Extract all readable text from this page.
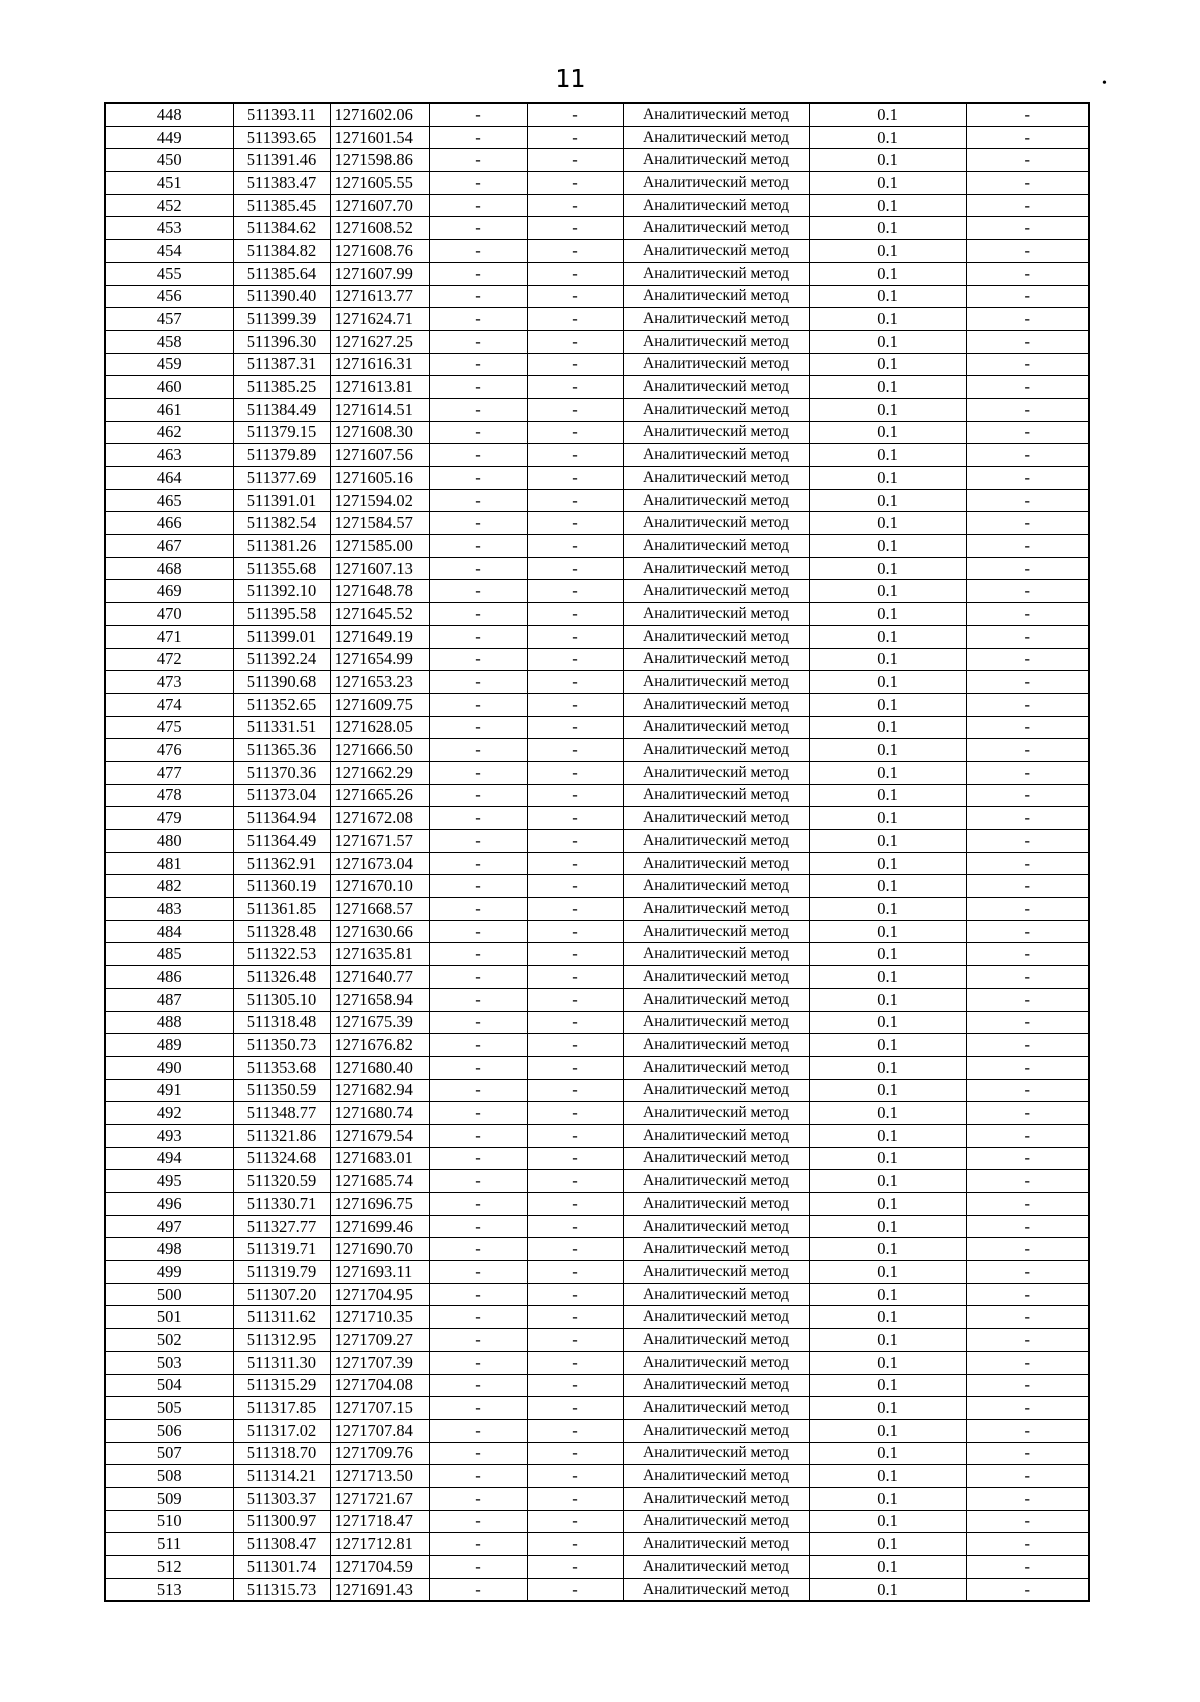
11	•
448	511393.11	1271602.06	-	-	Аналитический метод	0.1	-
449	511393.65	1271601.54	-	-	Аналитический метод	0.1	-
450	511391.46	1271598.86	-	-	Аналитический метод	0.1	-
451	511383.47	1271605.55	-	-	Аналитический метод	0.1	-
452	511385.45	1271607.70	-	-	Аналитический метод	0.1	-
453	511384.62	1271608.52	-	-	Аналитический метод	0.1	-
454	511384.82	1271608.76	-	-	Аналитический метод	0.1	-
455	511385.64	1271607.99	-	-	Аналитический метод	0.1	-
456	511390.40	1271613.77	-	-	Аналитический метод	0.1	-
457	511399.39	1271624.71	-	-	Аналитический метод	0.1	-
458	511396.30	1271627.25	-	-	Аналитический метод	0.1	-
459	511387.31	1271616.31	-	-	Аналитический метод	0.1	-
460	511385.25	1271613.81	-	-	Аналитический метод	0.1	-
461	511384.49	1271614.51	-	-	Аналитический метод	0.1	-
462	511379.15	1271608.30	-	-	Аналитический метод	0.1	-
463	511379.89	1271607.56	-	-	Аналитический метод	0.1	-
464	511377.69	1271605.16	-	-	Аналитический метод	0.1	-
465	511391.01	1271594.02	-	-	Аналитический метод	0.1	-
466	511382.54	1271584.57	-	-	Аналитический метод	0.1	-
467	511381.26	1271585.00	-	-	Аналитический метод	0.1	-
468	511355.68	1271607.13	-	-	Аналитический метод	0.1	-
469	511392.10	1271648.78	-	-	Аналитический метод	0.1	-
470	511395.58	1271645.52	-	-	Аналитический метод	0.1	-
471	511399.01	1271649.19	-	-	Аналитический метод	0.1	-
472	511392.24	1271654.99	-	-	Аналитический метод	0.1	-
473	511390.68	1271653.23	-	-	Аналитический метод	0.1	-
474	511352.65	1271609.75	-	-	Аналитический метод	0.1	-
475	511331.51	1271628.05	-	-	Аналитический метод	0.1	-
476	511365.36	1271666.50	-	-	Аналитический метод	0.1	-
477	511370.36	1271662.29	-	-	Аналитический метод	0.1	-
478	511373.04	1271665.26	-	-	Аналитический метод	0.1	-
479	511364.94	1271672.08	-	-	Аналитический метод	0.1	-
480	511364.49	1271671.57	-	-	Аналитический метод	0.1	-
481	511362.91	1271673.04	-	-	Аналитический метод	0.1	-
482	511360.19	1271670.10	-	-	Аналитический метод	0.1	-
483	511361.85	1271668.57	-	-	Аналитический метод	0.1	-
484	511328.48	1271630.66	-	-	Аналитический метод	0.1	-
485	511322.53	1271635.81	-	-	Аналитический метод	0.1	-
486	511326.48	1271640.77	-	-	Аналитический метод	0.1	-
487	511305.10	1271658.94	-	-	Аналитический метод	0.1	-
488	511318.48	1271675.39	-	-	Аналитический метод	0.1	-
489	511350.73	1271676.82	-	-	Аналитический метод	0.1	-
490	511353.68	1271680.40	-	-	Аналитический метод	0.1	-
491	511350.59	1271682.94	-	-	Аналитический метод	0.1	-
492	511348.77	1271680.74	-	-	Аналитический метод	0.1	-
493	511321.86	1271679.54	-	-	Аналитический метод	0.1	-
494	511324.68	1271683.01	-	-	Аналитический метод	0.1	-
495	511320.59	1271685.74	-	-	Аналитический метод	0.1	-
496	511330.71	1271696.75	-	-	Аналитический метод	0.1	-
497	511327.77	1271699.46	-	-	Аналитический метод	0.1	-
498	511319.71	1271690.70	-	-	Аналитический метод	0.1	-
499	511319.79	1271693.11	-	-	Аналитический метод	0.1	-
500	511307.20	1271704.95	-	-	Аналитический метод	0.1	-
501	511311.62	1271710.35	-	-	Аналитический метод	0.1	-
502	511312.95	1271709.27	-	-	Аналитический метод	0.1	-
503	511311.30	1271707.39	-	-	Аналитический метод	0.1	-
504	511315.29	1271704.08	-	-	Аналитический метод	0.1	-
505	511317.85	1271707.15	-	-	Аналитический метод	0.1	-
506	511317.02	1271707.84	-	-	Аналитический метод	0.1	-
507	511318.70	1271709.76	-	-	Аналитический метод	0.1	-
508	511314.21	1271713.50	-	-	Аналитический метод	0.1	-
509	511303.37	1271721.67	-	-	Аналитический метод	0.1	-
510	511300.97	1271718.47	-	-	Аналитический метод	0.1	-
511	511308.47	1271712.81	-	-	Аналитический метод	0.1	-
512	511301.74	1271704.59	-	-	Аналитический метод	0.1	-
513	511315.73	1271691.43	-	-	Аналитический метод	0.1	-
